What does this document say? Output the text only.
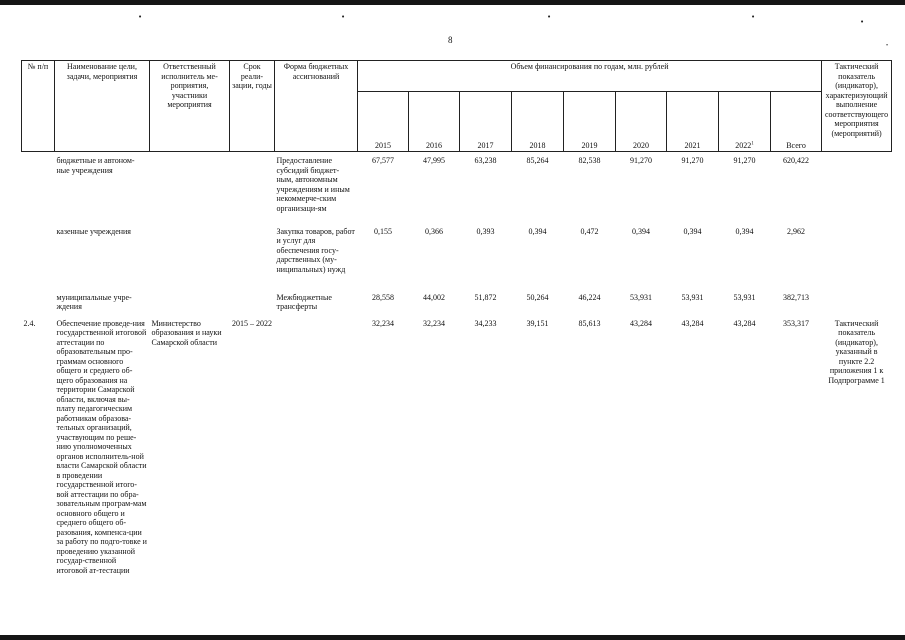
•	•	•	•
•
8
№ п/п	Наименование цели, задачи, мероприятия	Ответственный исполнитель ме-роприятия, участники мероприятия	Срок реали-зации, годы	Форма бюджетных ассигнований	Объем финансирования по годам, млн. рублей									Тактический показатель (индикатор), характеризующий выполнение соответствующего мероприятия (мероприятий)
					2015	2016	2017	2018	2019	2020	2021	2022$^1$	Всего	
	бюджетные и автоном-ные учреждения			Предоставление субсидий бюджет-ным, автономным учреждениям и иным некоммерче-ским организаци-ям	67,577	47,995	63,238	85,264	82,538	91,270	91,270	91,270	620,422	
	казенные учреждения			Закупка товаров, работ и услуг для обеспечения госу-дарственных (му-ниципальных) нужд	0,155	0,366	0,393	0,394	0,472	0,394	0,394	0,394	2,962	
	муниципальные учре-ждения			Межбюджетные трансферты	28,558	44,002	51,872	50,264	46,224	53,931	53,931	53,931	382,713	
2.4.	Обеспечение проведе-ния государственной итоговой аттестации по образовательным про-граммам основного общего и среднего об-щего образования на территории Самарской области, включая вы-плату педагогическим работникам образова-тельных организаций, участвующим по реше-нию уполномоченных органов исполнитель-ной власти Самарской области в проведении государственной итого-вой аттестации по обра-зовательным програм-мам основного общего и среднего общего об-разования, компенса-ции за работу по подго-товке и проведению указанной государ-ственной итоговой ат-тестации	Министерство образования и науки Самарской области	2015 – 2022		32,234	32,234	34,233	39,151	85,613	43,284	43,284	43,284	353,317	Тактический показатель (индикатор), указанный в пункте 2.2 приложения 1 к Подпрограмме 1
•
